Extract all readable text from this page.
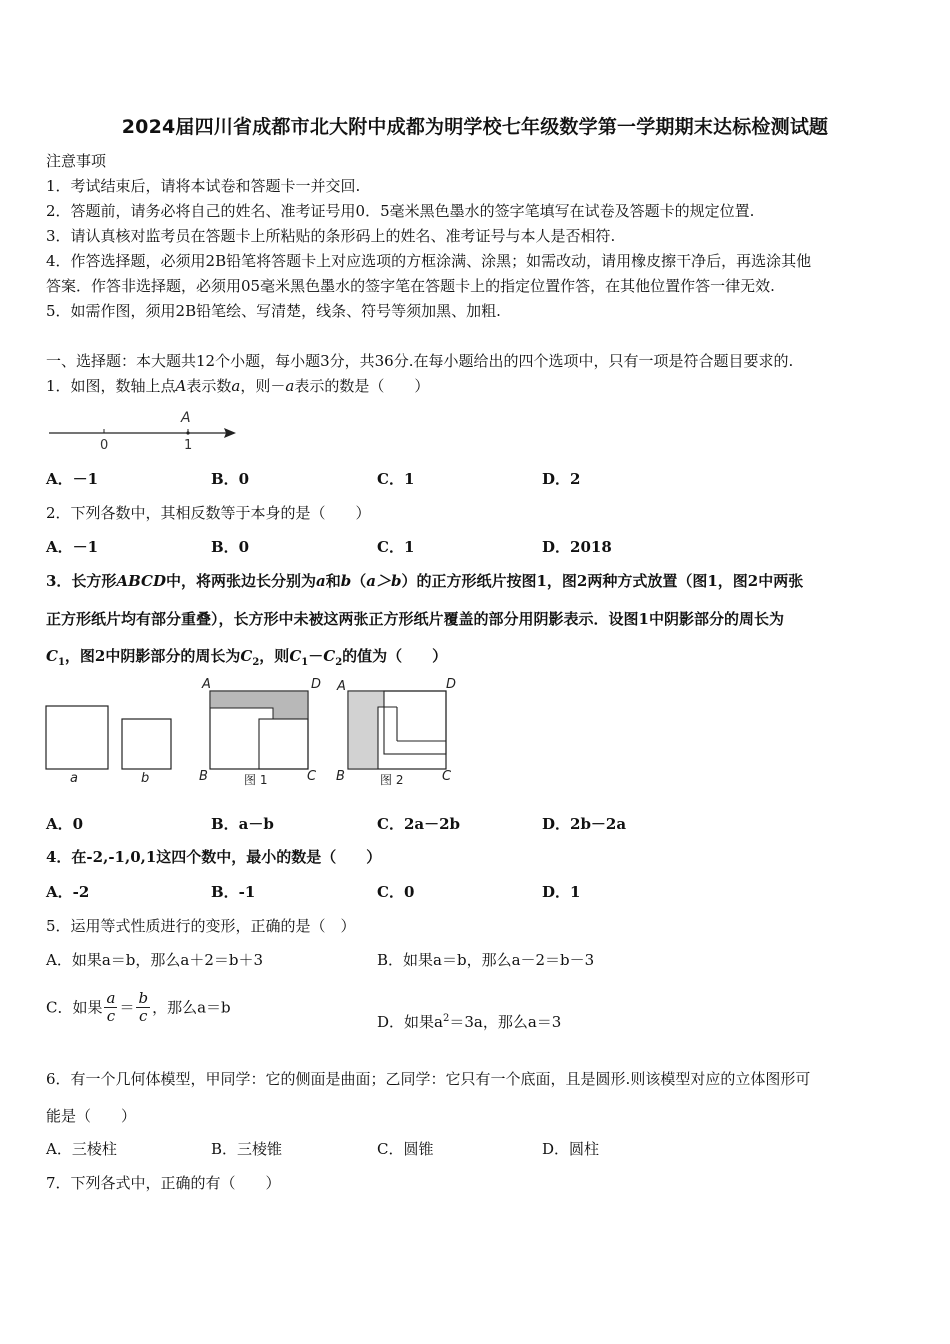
2024届四川省成都市北大附中成都为明学校七年级数学第一学期期末达标检测试题
注意事项
1．考试结束后，请将本试卷和答题卡一并交回.
2．答题前，请务必将自己的姓名、准考证号用0．5毫米黑色墨水的签字笔填写在试卷及答题卡的规定位置.
3．请认真核对监考员在答题卡上所粘贴的条形码上的姓名、准考证号与本人是否相符.
4．作答选择题，必须用2B铅笔将答题卡上对应选项的方框涂满、涂黑；如需改动，请用橡皮擦干净后，再选涂其他
答案．作答非选择题，必须用05毫米黑色墨水的签字笔在答题卡上的指定位置作答，在其他位置作答一律无效.
5．如需作图，须用2B铅笔绘、写清楚，线条、符号等须加黑、加粗.
一、选择题：本大题共12个小题，每小题3分，共36分.在每小题给出的四个选项中，只有一项是符合题目要求的.
1．如图，数轴上点A表示数a，则－a表示的数是（　　）
A
0	1
A．－1	B．0	C．1	D．2
2．下列各数中，其相反数等于本身的是（　　）
A．－1	B．0	C．1	D．2018
3．长方形ABCD中，将两张边长分别为a和b（a＞b）的正方形纸片按图1，图2两种方式放置（图1，图2中两张
正方形纸片均有部分重叠），长方形中未被这两张正方形纸片覆盖的部分用阴影表示．设图1中阴影部分的周长为
$C_1$，图2中阴影部分的周长为$C_2$，则$C_1-C_2$的值为（　　）
a	b
A	D
B	C
图 1
A	D
B	C
图 2
A．0	B．a－b	C．2a－2b	D．2b－2a
4．在-2,-1,0,1这四个数中，最小的数是（　　）
A．-2	B．-1	C．0	D．1
5．运用等式性质进行的变形，正确的是（　）
A．如果a＝b，那么a＋2＝b＋3	B．如果a＝b，那么a－2＝b－3
C．如果 $\frac{a}{c} = \frac{b}{c}$ ，那么a＝b
D．如果$a^2=3a$，那么a＝3
6．有一个几何体模型，甲同学：它的侧面是曲面；乙同学：它只有一个底面，且是圆形.则该模型对应的立体图形可
能是（　　）
A．三棱柱	B．三棱锥	C．圆锥	D．圆柱
7．下列各式中，正确的有（　　）
